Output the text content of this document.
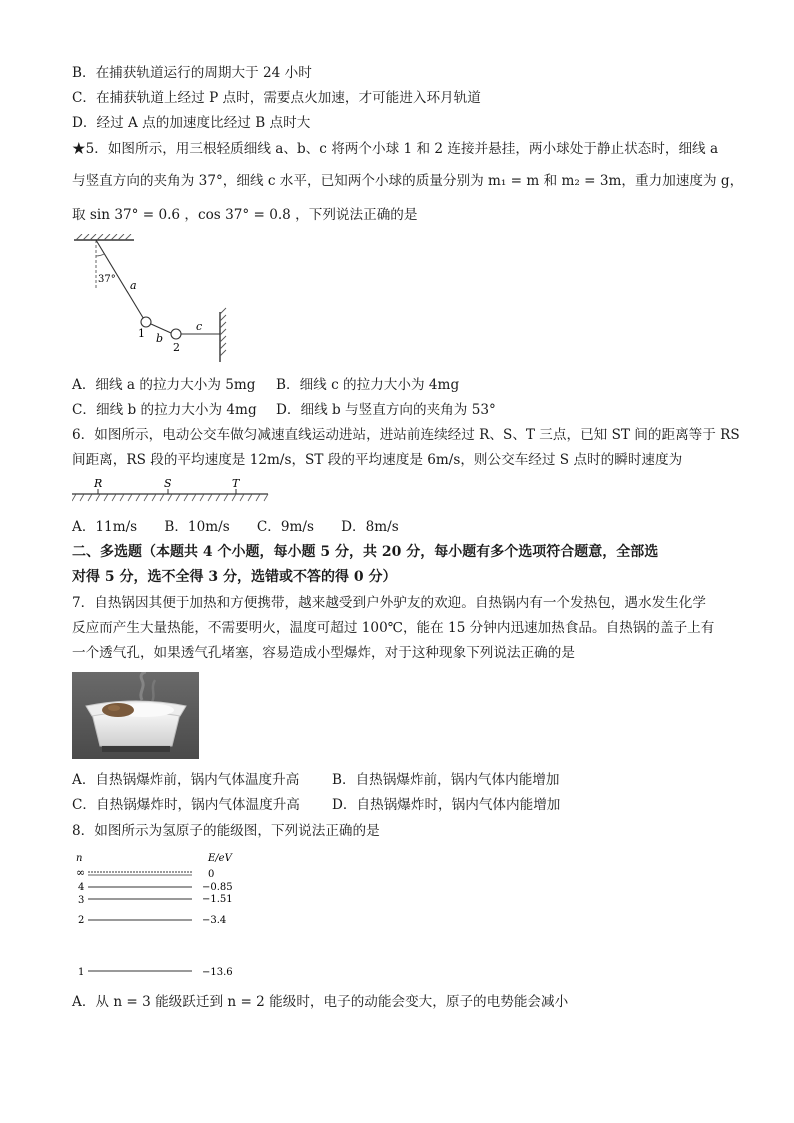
B．在捕获轨道运行的周期大于 24 小时
C．在捕获轨道上经过 P 点时，需要点火加速，才可能进入环月轨道
D．经过 A 点的加速度比经过 B 点时大
★5．如图所示，用三根轻质细线 a、b、c 将两个小球 1 和 2 连接并悬挂，两小球处于静止状态时，细线 a
与竖直方向的夹角为 37°，细线 c 水平，已知两个小球的质量分别为 m₁ = m 和 m₂ = 3m，重力加速度为 g，
取 sin 37° = 0.6 ，cos 37° = 0.8 ，下列说法正确的是
37° a
1 b
2
c
A．细线 a 的拉力大小为 5mg B．细线 c 的拉力大小为 4mg
C．细线 b 的拉力大小为 4mg D．细线 b 与竖直方向的夹角为 53°
6．如图所示，电动公交车做匀减速直线运动进站，进站前连续经过 R、S、T 三点，已知 ST 间的距离等于 RS
间距离，RS 段的平均速度是 12m/s，ST 段的平均速度是 6m/s，则公交车经过 S 点时的瞬时速度为
R	S	T
A．11m/s　　B．10m/s　　C．9m/s　　D．8m/s
二、多选题（本题共 4 个小题，每小题 5 分，共 20 分，每小题有多个选项符合题意，全部选
对得 5 分，选不全得 3 分，选错或不答的得 0 分）
7．自热锅因其便于加热和方便携带，越来越受到户外驴友的欢迎。自热锅内有一个发热包，遇水发生化学
反应而产生大量热能，不需要明火，温度可超过 100℃，能在 15 分钟内迅速加热食品。自热锅的盖子上有
一个透气孔，如果透气孔堵塞，容易造成小型爆炸，对于这种现象下列说法正确的是
A．自热锅爆炸前，锅内气体温度升高 B．自热锅爆炸前，锅内气体内能增加
C．自热锅爆炸时，锅内气体温度升高 D．自热锅爆炸时，锅内气体内能增加
8．如图所示为氢原子的能级图，下列说法正确的是
n	E/eV
∞	0
4	−0.85
3	−1.51
2	−3.4
1	−13.6
A．从 n = 3 能级跃迁到 n = 2 能级时，电子的动能会变大，原子的电势能会减小
